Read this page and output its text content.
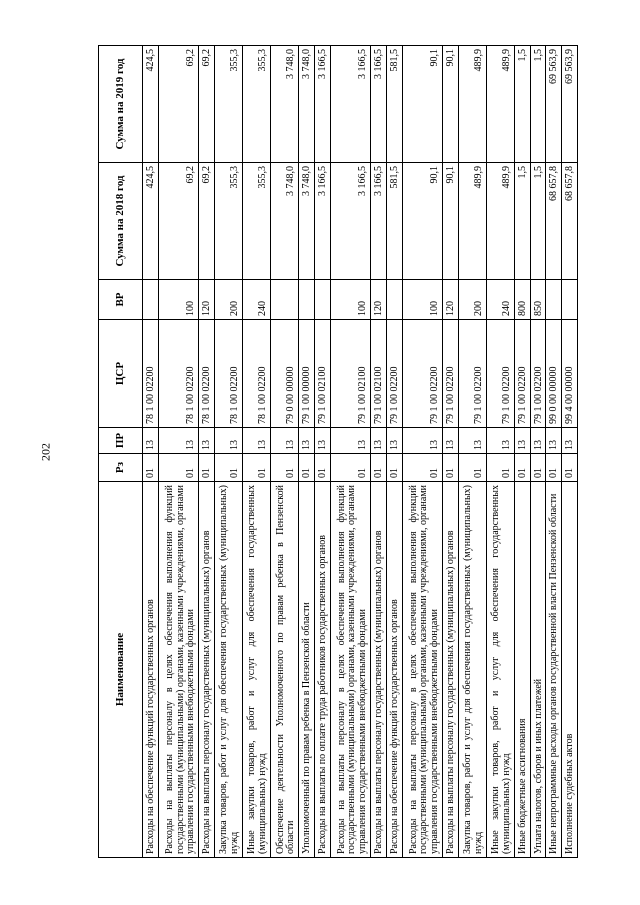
202
Наименование	Рз	ПР	ЦСР	ВР	Сумма на 2018 год	Сумма на 2019 год
Расходы на обеспечение функций государственных органов	01	13	78 1 00 02200		424,5	424,5
Расходы на выплаты персоналу в целях обеспечения выполнения функций государственными (муниципальными) органами, казенными учреждениями, органами управления государственными внебюджетными фондами	01	13	78 1 00 02200	100	69,2	69,2
Расходы на выплаты персоналу государственных (муниципальных) органов	01	13	78 1 00 02200	120	69,2	69,2
Закупка товаров, работ и услуг для обеспечения государственных (муниципальных) нужд	01	13	78 1 00 02200	200	355,3	355,3
Иные закупки товаров, работ и услуг для обеспечения государственных (муниципальных) нужд	01	13	78 1 00 02200	240	355,3	355,3
Обеспечение деятельности Уполномоченного по правам ребенка в Пензенской области	01	13	79 0 00 00000		3 748,0	3 748,0
Уполномоченный по правам ребенка в Пензенской области	01	13	79 1 00 00000		3 748,0	3 748,0
Расходы на выплаты по оплате труда работников государственных органов	01	13	79 1 00 02100		3 166,5	3 166,5
Расходы на выплаты персоналу в целях обеспечения выполнения функций государственными (муниципальными) органами, казенными учреждениями, органами управления государственными внебюджетными фондами	01	13	79 1 00 02100	100	3 166,5	3 166,5
Расходы на выплаты персоналу государственных (муниципальных) органов	01	13	79 1 00 02100	120	3 166,5	3 166,5
Расходы на обеспечение функций государственных органов	01	13	79 1 00 02200		581,5	581,5
Расходы на выплаты персоналу в целях обеспечения выполнения функций государственными (муниципальными) органами, казенными учреждениями, органами управления государственными внебюджетными фондами	01	13	79 1 00 02200	100	90,1	90,1
Расходы на выплаты персоналу государственных (муниципальных) органов	01	13	79 1 00 02200	120	90,1	90,1
Закупка товаров, работ и услуг для обеспечения государственных (муниципальных) нужд	01	13	79 1 00 02200	200	489,9	489,9
Иные закупки товаров, работ и услуг для обеспечения государственных (муниципальных) нужд	01	13	79 1 00 02200	240	489,9	489,9
Иные бюджетные ассигнования	01	13	79 1 00 02200	800	1,5	1,5
Уплата налогов, сборов и иных платежей	01	13	79 1 00 02200	850	1,5	1,5
Иные непрограммные расходы органов государственной власти Пензенской области	01	13	99 0 00 00000		68 657,8	69 563,9
Исполнение судебных актов	01	13	99 4 00 00000		68 657,8	69 563,9
